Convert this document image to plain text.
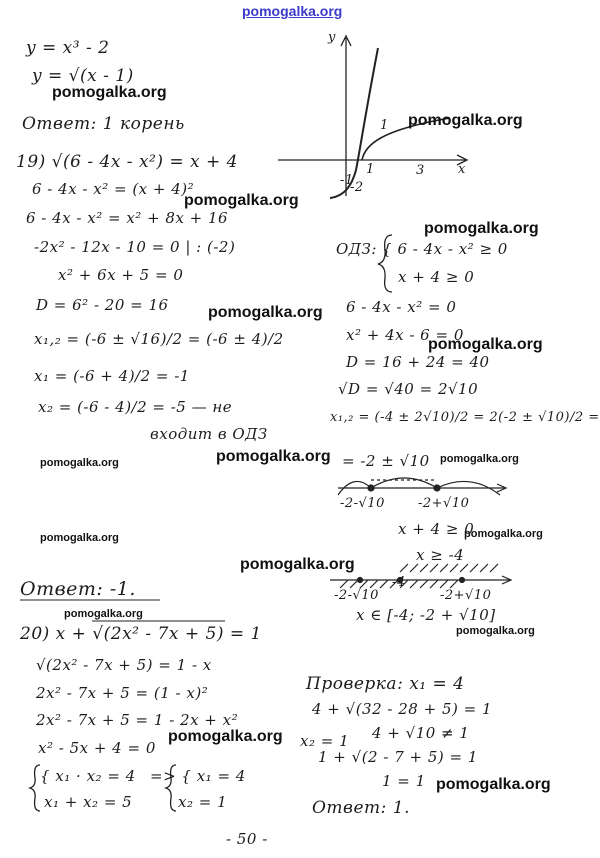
pomogalka.org
y
x
1
1
-1
-2
3
y = x³ - 2
y = √(x - 1)
Ответ: 1 корень
19) √(6 - 4x - x²) = x + 4
6 - 4x - x² = (x + 4)²
6 - 4x - x² = x² + 8x + 16
-2x² - 12x - 10 = 0 | : (-2)
x² + 6x + 5 = 0
D = 6² - 20 = 16
x₁,₂ = (-6 ± √16)/2 = (-6 ± 4)/2
x₁ = (-6 + 4)/2 = -1
x₂ = (-6 - 4)/2 = -5 — не
входит в ОДЗ
ОДЗ: { 6 - 4x - x² ≥ 0
x + 4 ≥ 0
6 - 4x - x² = 0
x² + 4x - 6 = 0
D = 16 + 24 = 40
√D = √40 = 2√10
x₁,₂ = (-4 ± 2√10)/2 = 2(-2 ± √10)/2 =
= -2 ± √10
-2-√10	-2+√10
x + 4 ≥ 0
x ≥ -4
-2-√10
-4
-2+√10
x ∈ [-4; -2 + √10]
Ответ: -1.
20) x + √(2x² - 7x + 5) = 1
√(2x² - 7x + 5) = 1 - x
2x² - 7x + 5 = (1 - x)²
2x² - 7x + 5 = 1 - 2x + x²
x² - 5x + 4 = 0
{ x₁ · x₂ = 4
x₁ + x₂ = 5
=> { x₁ = 4
x₂ = 1
Проверка: x₁ = 4
4 + √(32 - 28 + 5) = 1
4 + √10 ≠ 1
x₂ = 1
1 + √(2 - 7 + 5) = 1
1 = 1
Ответ: 1.
- 50 -
pomogalka.org
pomogalka.org
pomogalka.org
pomogalka.org
pomogalka.org
pomogalka.org
pomogalka.org	pomogalka.org
pomogalka.org
pomogalka.org	pomogalka.org
pomogalka.org
pomogalka.org
pomogalka.org
pomogalka.org
pomogalka.org
